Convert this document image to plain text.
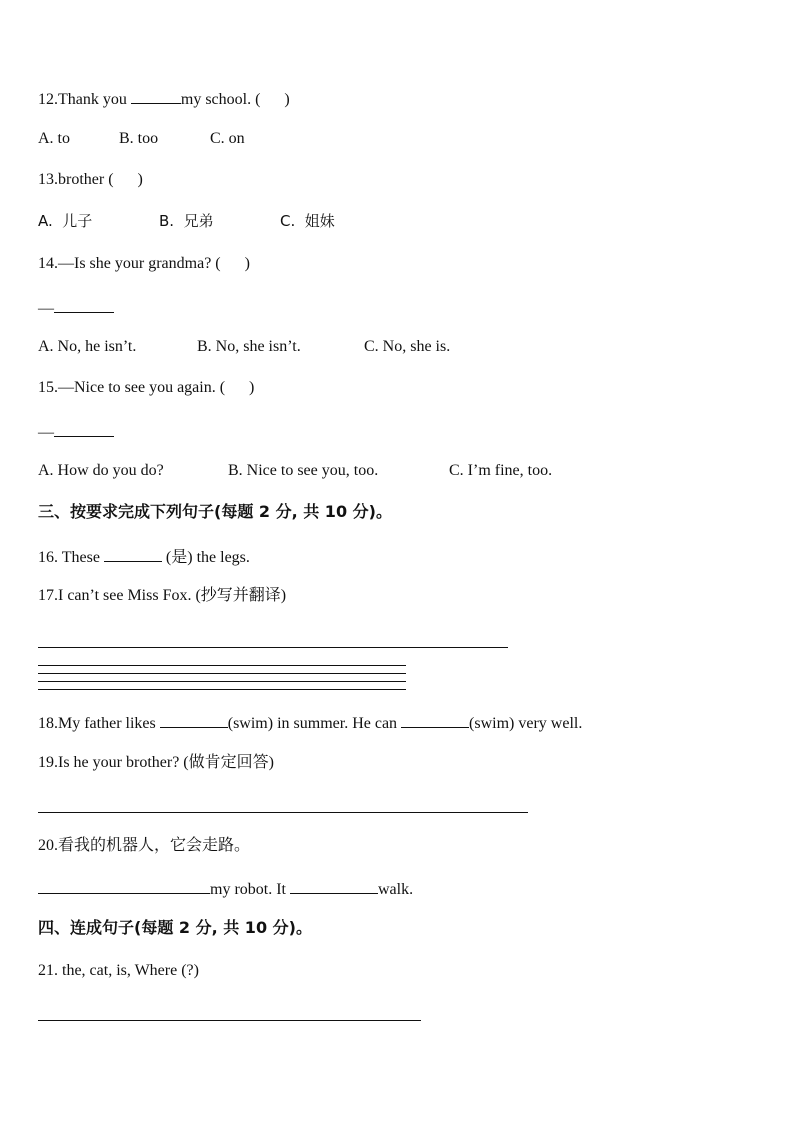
12.Thank you	my school. (      )
A. to	B. too	C. on
13.brother (      )
A.  儿子	B.  兄弟	C.  姐妹
14.—Is she your grandma? (      )
—
A. No, he isn’t.	B. No, she isn’t.	C. No, she is.
15.—Nice to see you again. (      )
—
A. How do you do?	B. Nice to see you, too.	C. I’m fine, too.
三、按要求完成下列句子(每题 2 分, 共 10 分)。
16. These	(是) the legs.
17.I can’t see Miss Fox. (抄写并翻译)
18.My father likes	(swim) in summer. He can	(swim) very well.
19.Is he your brother? (做肯定回答)
20.看我的机器人，它会走路。
my robot. It	walk.
四、连成句子(每题 2 分, 共 10 分)。
21. the, cat, is, Where (?)
